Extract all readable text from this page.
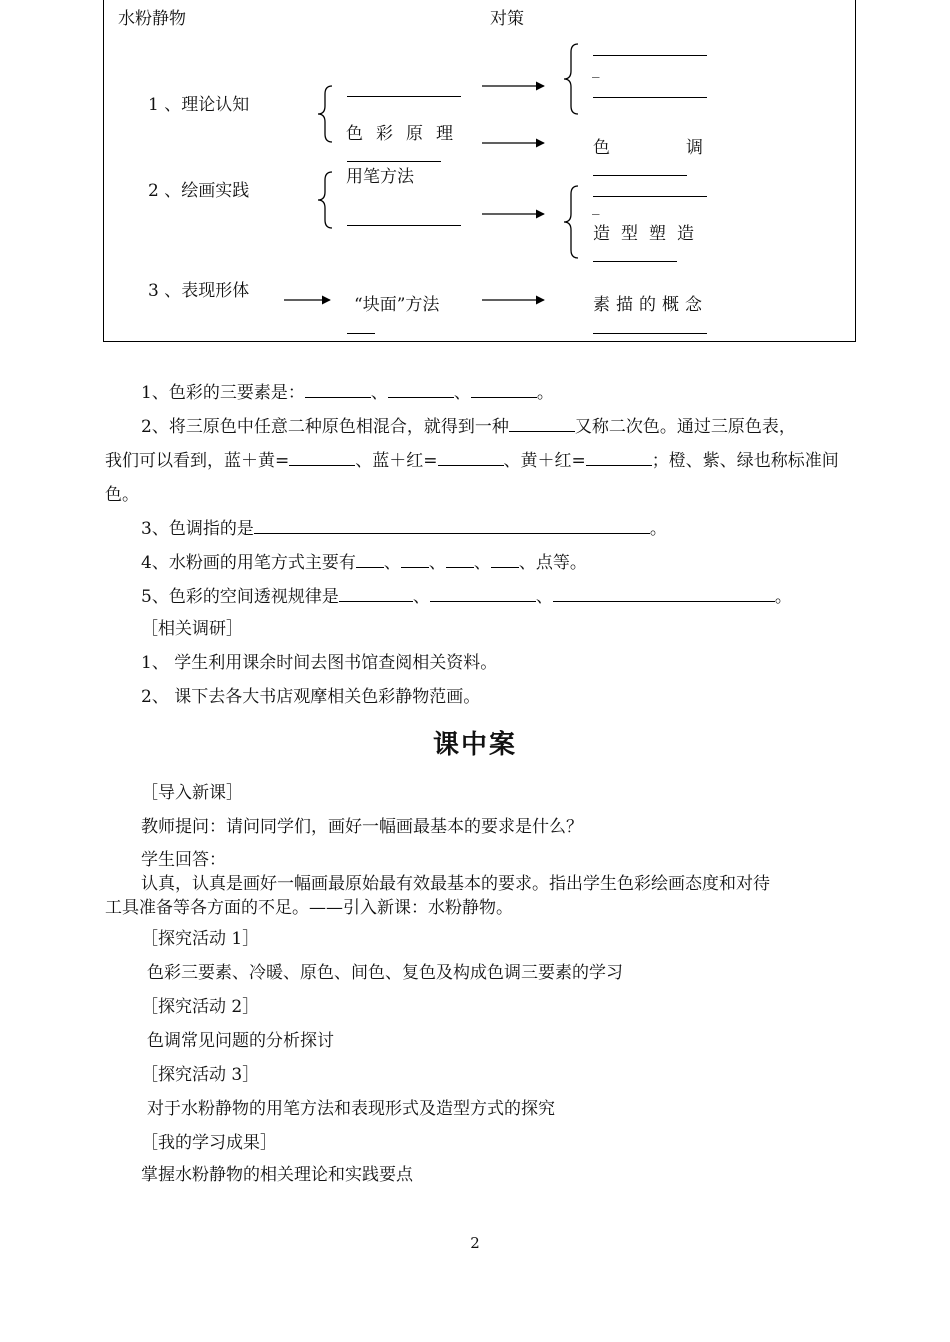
水粉静物	对策
1 、理论认知
2 、绘画实践
3 、表现形体
色彩原理
用笔方法
“块面”方法
色调
造型塑造
素描的概念
_
_
1、色彩的三要素是：	、	、	。
2、将三原色中任意二种原色相混合，就得到一种	又称二次色。通过三原色表，
我们可以看到，蓝＋黄=	、蓝＋红=	、黄＋红=	；橙、紫、绿也称标准间
色。
3、色调指的是	。
4、水粉画的用笔方式主要有 、 、 、 、点等。
5、色彩的空间透视规律是	、	、	。
［相关调研］
1、 学生利用课余时间去图书馆查阅相关资料。
2、 课下去各大书店观摩相关色彩静物范画。
课中案
［导入新课］
教师提问：请问同学们，画好一幅画最基本的要求是什么？
学生回答：
认真，认真是画好一幅画最原始最有效最基本的要求。指出学生色彩绘画态度和对待
工具准备等各方面的不足。——引入新课：水粉静物。
［探究活动 1］
色彩三要素、冷暖、原色、间色、复色及构成色调三要素的学习
［探究活动 2］
色调常见问题的分析探讨
［探究活动 3］
对于水粉静物的用笔方法和表现形式及造型方式的探究
［我的学习成果］
掌握水粉静物的相关理论和实践要点
2
